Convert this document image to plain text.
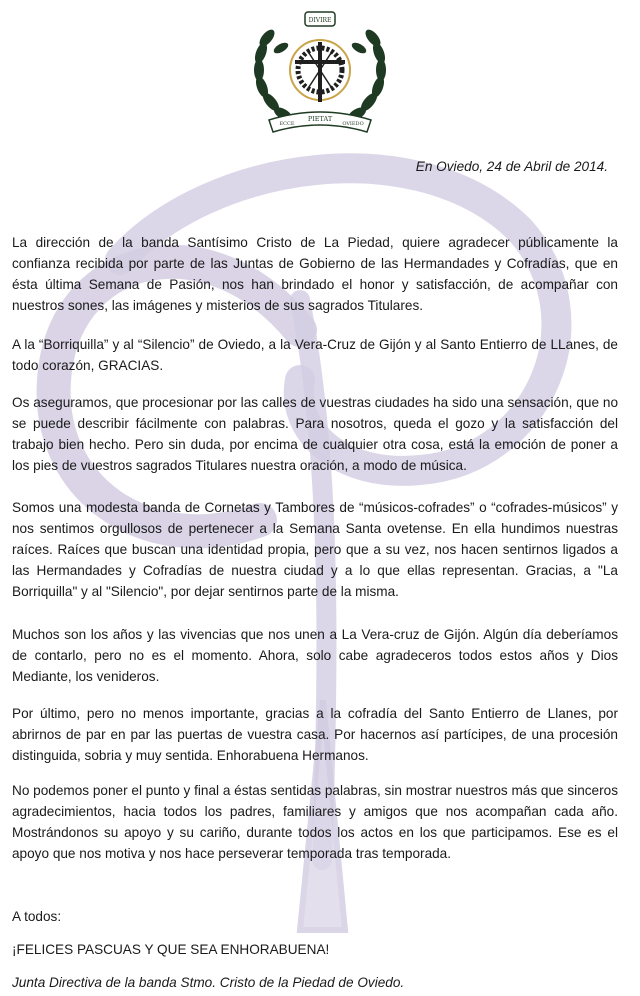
DIVIRE
ECCE
PIETAT
OVIEDO
En Oviedo, 24 de Abril de 2014.

La dirección de la banda Santísimo Cristo de La Piedad, quiere agradecer públicamente la confianza recibida por parte de las Juntas de Gobierno de las Hermandades y Cofradías, que en ésta última Semana de Pasión, nos han brindado el honor y satisfacción, de acompañar con nuestros sones, las imágenes y misterios de sus sagrados Titulares.

A la “Borriquilla” y al “Silencio” de Oviedo, a la Vera-Cruz de Gijón y al Santo Entierro de LLanes, de todo corazón, GRACIAS.

Os aseguramos, que procesionar por las calles de vuestras ciudades ha sido una sensación, que no se puede describir fácilmente con palabras. Para nosotros, queda el gozo y la satisfacción del trabajo bien hecho. Pero sin duda, por encima de cualquier otra cosa, está la emoción de poner a los pies de vuestros sagrados Titulares nuestra oración, a modo de música.

Somos una modesta banda de Cornetas y Tambores de “músicos-cofrades” o “cofrades-músicos” y nos sentimos orgullosos de pertenecer a la Semana Santa ovetense. En ella hundimos nuestras raíces. Raíces que buscan una identidad propia, pero que a su vez, nos hacen sentirnos ligados a las Hermandades y Cofradías de nuestra ciudad y a lo que ellas representan. Gracias, a "La Borriquilla" y al "Silencio", por dejar sentirnos parte de la misma.

Muchos son los años y las vivencias que nos unen a La Vera-cruz de Gijón. Algún día deberíamos de contarlo, pero no es el momento. Ahora, solo cabe agradeceros todos estos años y Dios Mediante, los venideros.

Por último, pero no menos importante, gracias a la cofradía del Santo Entierro de Llanes, por abrirnos de par en par las puertas de vuestra casa. Por hacernos así partícipes, de una procesión distinguida, sobria y muy sentida. Enhorabuena Hermanos.

No podemos poner el punto y final a éstas sentidas palabras, sin mostrar nuestros más que sinceros agradecimientos, hacia todos los padres, familiares y amigos que nos acompañan cada año. Mostrándonos su apoyo y su cariño, durante todos los actos en los que participamos. Ese es el apoyo que nos motiva y nos hace perseverar temporada tras temporada.

A todos:

¡FELICES PASCUAS Y QUE SEA ENHORABUENA!

Junta Directiva de la banda Stmo. Cristo de la Piedad de Oviedo.
